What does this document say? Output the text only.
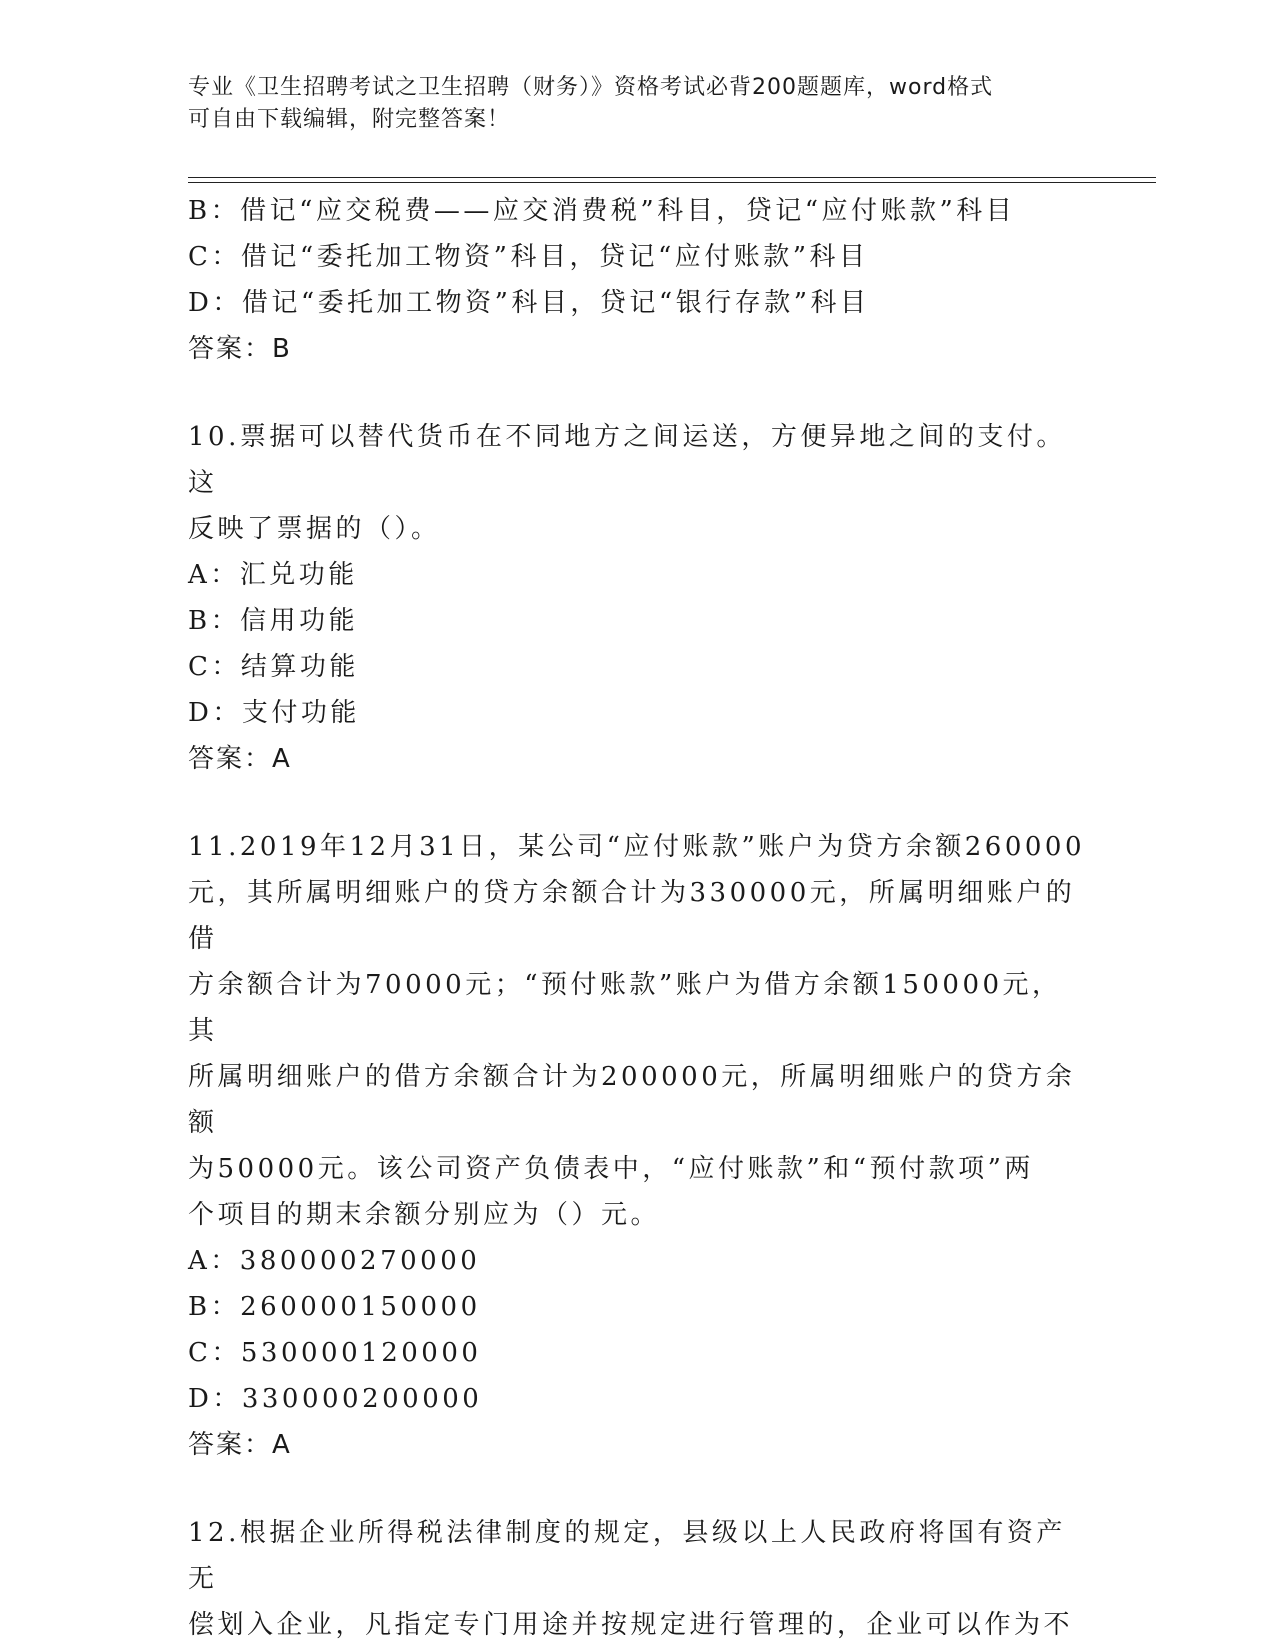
专业《卫生招聘考试之卫生招聘（财务）》资格考试必背200题题库，word格式
可自由下载编辑，附完整答案！
B：借记“应交税费——应交消费税”科目，贷记“应付账款”科目
C：借记“委托加工物资”科目，贷记“应付账款”科目
D：借记“委托加工物资”科目，贷记“银行存款”科目
答案：B
10.票据可以替代货币在不同地方之间运送，方便异地之间的支付。这
反映了票据的（）。
A：汇兑功能
B：信用功能
C：结算功能
D：支付功能
答案：A
11.2019年12月31日，某公司“应付账款”账户为贷方余额260000
元，其所属明细账户的贷方余额合计为330000元，所属明细账户的借
方余额合计为70000元；“预付账款”账户为借方余额150000元，其
所属明细账户的借方余额合计为200000元，所属明细账户的贷方余额
为50000元。该公司资产负债表中，“应付账款”和“预付款项”两
个项目的期末余额分别应为（）元。
A：380000270000
B：260000150000
C：530000120000
D：330000200000
答案：A
12.根据企业所得税法律制度的规定，县级以上人民政府将国有资产无
偿划入企业，凡指定专门用途并按规定进行管理的，企业可以作为不
